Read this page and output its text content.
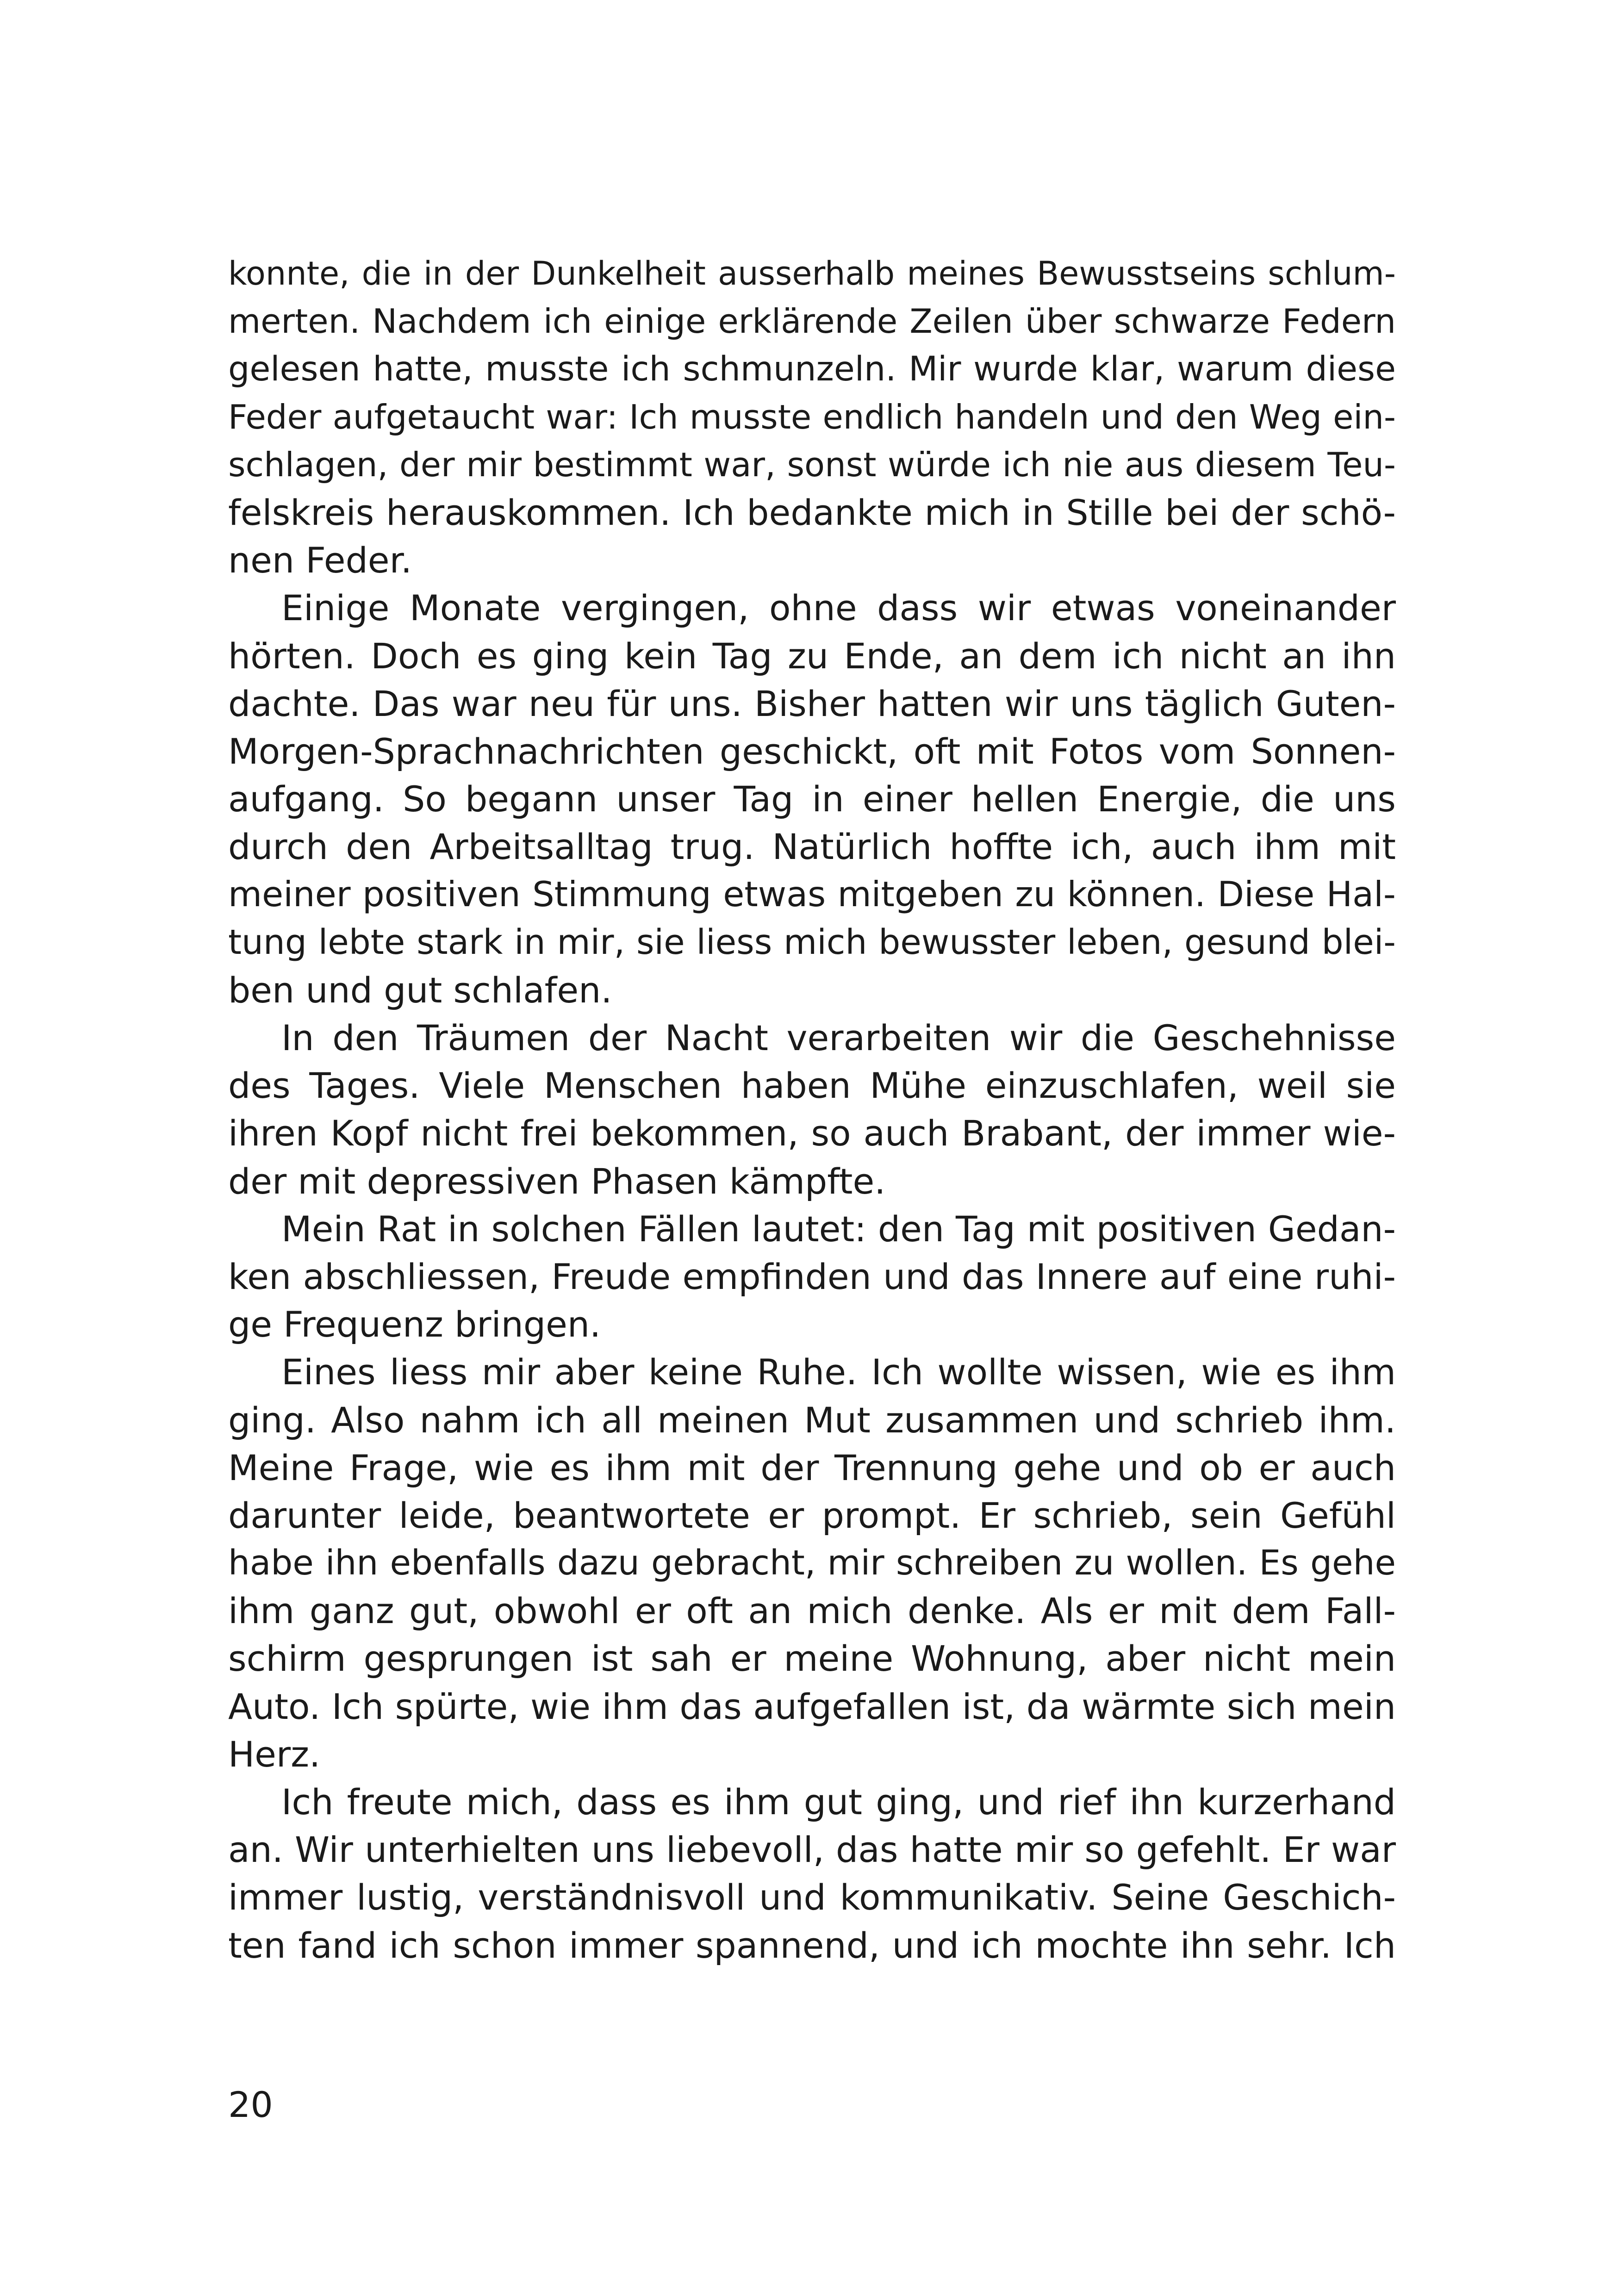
konnte, die in der Dunkelheit ausserhalb meines Bewusstseins schlum-
merten. Nachdem ich einige erklärende Zeilen über schwarze Federn
gelesen hatte, musste ich schmunzeln. Mir wurde klar, warum diese
Feder aufgetaucht war: Ich musste endlich handeln und den Weg ein-
schlagen, der mir bestimmt war, sonst würde ich nie aus diesem Teu-
felskreis herauskommen. Ich bedankte mich in Stille bei der schö-
nen Feder.
Einige Monate vergingen, ohne dass wir etwas voneinander
hörten. Doch es ging kein Tag zu Ende, an dem ich nicht an ihn
dachte. Das war neu für uns. Bisher hatten wir uns täglich Guten-
Morgen-Sprachnachrichten geschickt, oft mit Fotos vom Sonnen-
aufgang. So begann unser Tag in einer hellen Energie, die uns
durch den Arbeitsalltag trug. Natürlich hoffte ich, auch ihm mit
meiner positiven Stimmung etwas mitgeben zu können. Diese Hal-
tung lebte stark in mir, sie liess mich bewusster leben, gesund blei-
ben und gut schlafen.
In den Träumen der Nacht verarbeiten wir die Geschehnisse
des Tages. Viele Menschen haben Mühe einzuschlafen, weil sie
ihren Kopf nicht frei bekommen, so auch Brabant, der immer wie-
der mit depressiven Phasen kämpfte.
Mein Rat in solchen Fällen lautet: den Tag mit positiven Gedan-
ken abschliessen, Freude empfinden und das Innere auf eine ruhi-
ge Frequenz bringen.
Eines liess mir aber keine Ruhe. Ich wollte wissen, wie es ihm
ging. Also nahm ich all meinen Mut zusammen und schrieb ihm.
Meine Frage, wie es ihm mit der Trennung gehe und ob er auch
darunter leide, beantwortete er prompt. Er schrieb, sein Gefühl
habe ihn ebenfalls dazu gebracht, mir schreiben zu wollen. Es gehe
ihm ganz gut, obwohl er oft an mich denke. Als er mit dem Fall-
schirm gesprungen ist sah er meine Wohnung, aber nicht mein
Auto. Ich spürte, wie ihm das aufgefallen ist, da wärmte sich mein
Herz.
Ich freute mich, dass es ihm gut ging, und rief ihn kurzerhand
an. Wir unterhielten uns liebevoll, das hatte mir so gefehlt. Er war
immer lustig, verständnisvoll und kommunikativ. Seine Geschich-
ten fand ich schon immer spannend, und ich mochte ihn sehr. Ich
20
